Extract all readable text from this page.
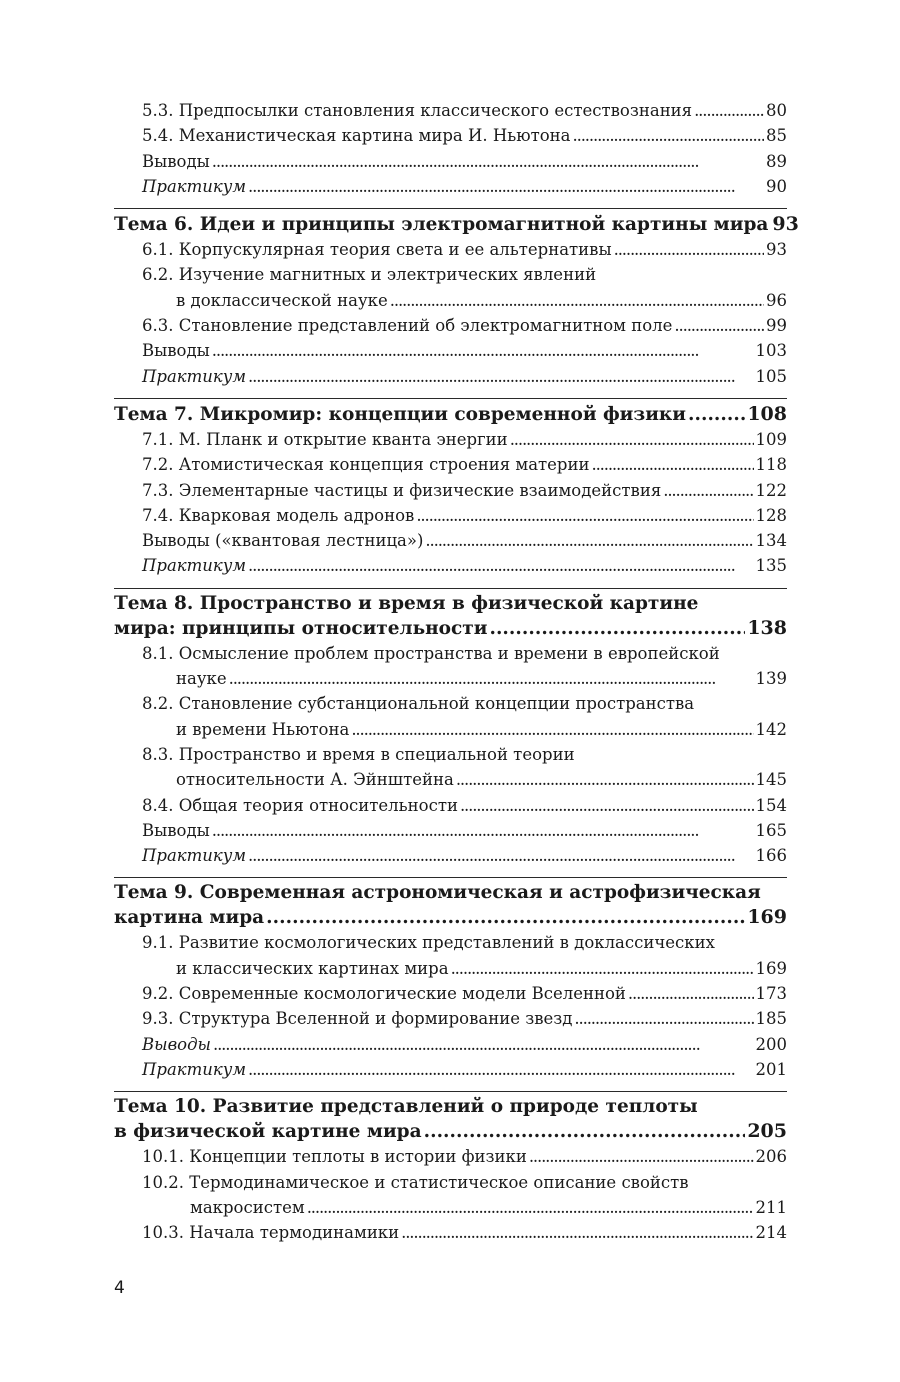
5.3. Предпосылки становления классического естествознания . . .	80
5.4. Механистическая картина мира И. Ньютона . . .	85
Выводы . . .	89
Практикум . . .	90
Тема 6. Идеи и принципы электромагнитной картины мира 93
6.1. Корпускулярная теория света и ее альтернативы . . .	93
6.2. Изучение магнитных и электрических явлений
в доклассической науке . . .	96
6.3. Становление представлений об электромагнитном поле . . .	99
Выводы . . .	103
Практикум . . .	105
Тема 7. Микромир: концепции современной физики . . .	108
7.1. М. Планк и открытие кванта энергии . . .	109
7.2. Атомистическая концепция строения материи . . .	118
7.3. Элементарные частицы и физические взаимодействия . . .	122
7.4. Кварковая модель адронов . . .	128
Выводы («квантовая лестница») . . .	134
Практикум . . .	135
Тема 8. Пространство и время в физической картине
мира: принципы относительности . . .	138
8.1. Осмысление проблем пространства и времени в европейской
науке . . .	139
8.2. Становление субстанциональной концепции пространства
и времени Ньютона . . .	142
8.3. Пространство и время в специальной теории
относительности А. Эйнштейна . . .	145
8.4. Общая теория относительности . . .	154
Выводы . . .	165
Практикум . . .	166
Тема 9. Современная астрономическая и астрофизическая
картина мира . . .	169
9.1. Развитие космологических представлений в доклассических
и классических картинах мира . . .	169
9.2. Современные космологические модели Вселенной . . .	173
9.3. Структура Вселенной и формирование звезд . . .	185
Выводы . . .	200
Практикум . . .	201
Тема 10. Развитие представлений о природе теплоты
в физической картине мира . . .	205
10.1. Концепции теплоты в истории физики . . .	206
10.2. Термодинамическое и статистическое описание свойств
макросистем . . .	211
10.3. Начала термодинамики . . .	214
4
